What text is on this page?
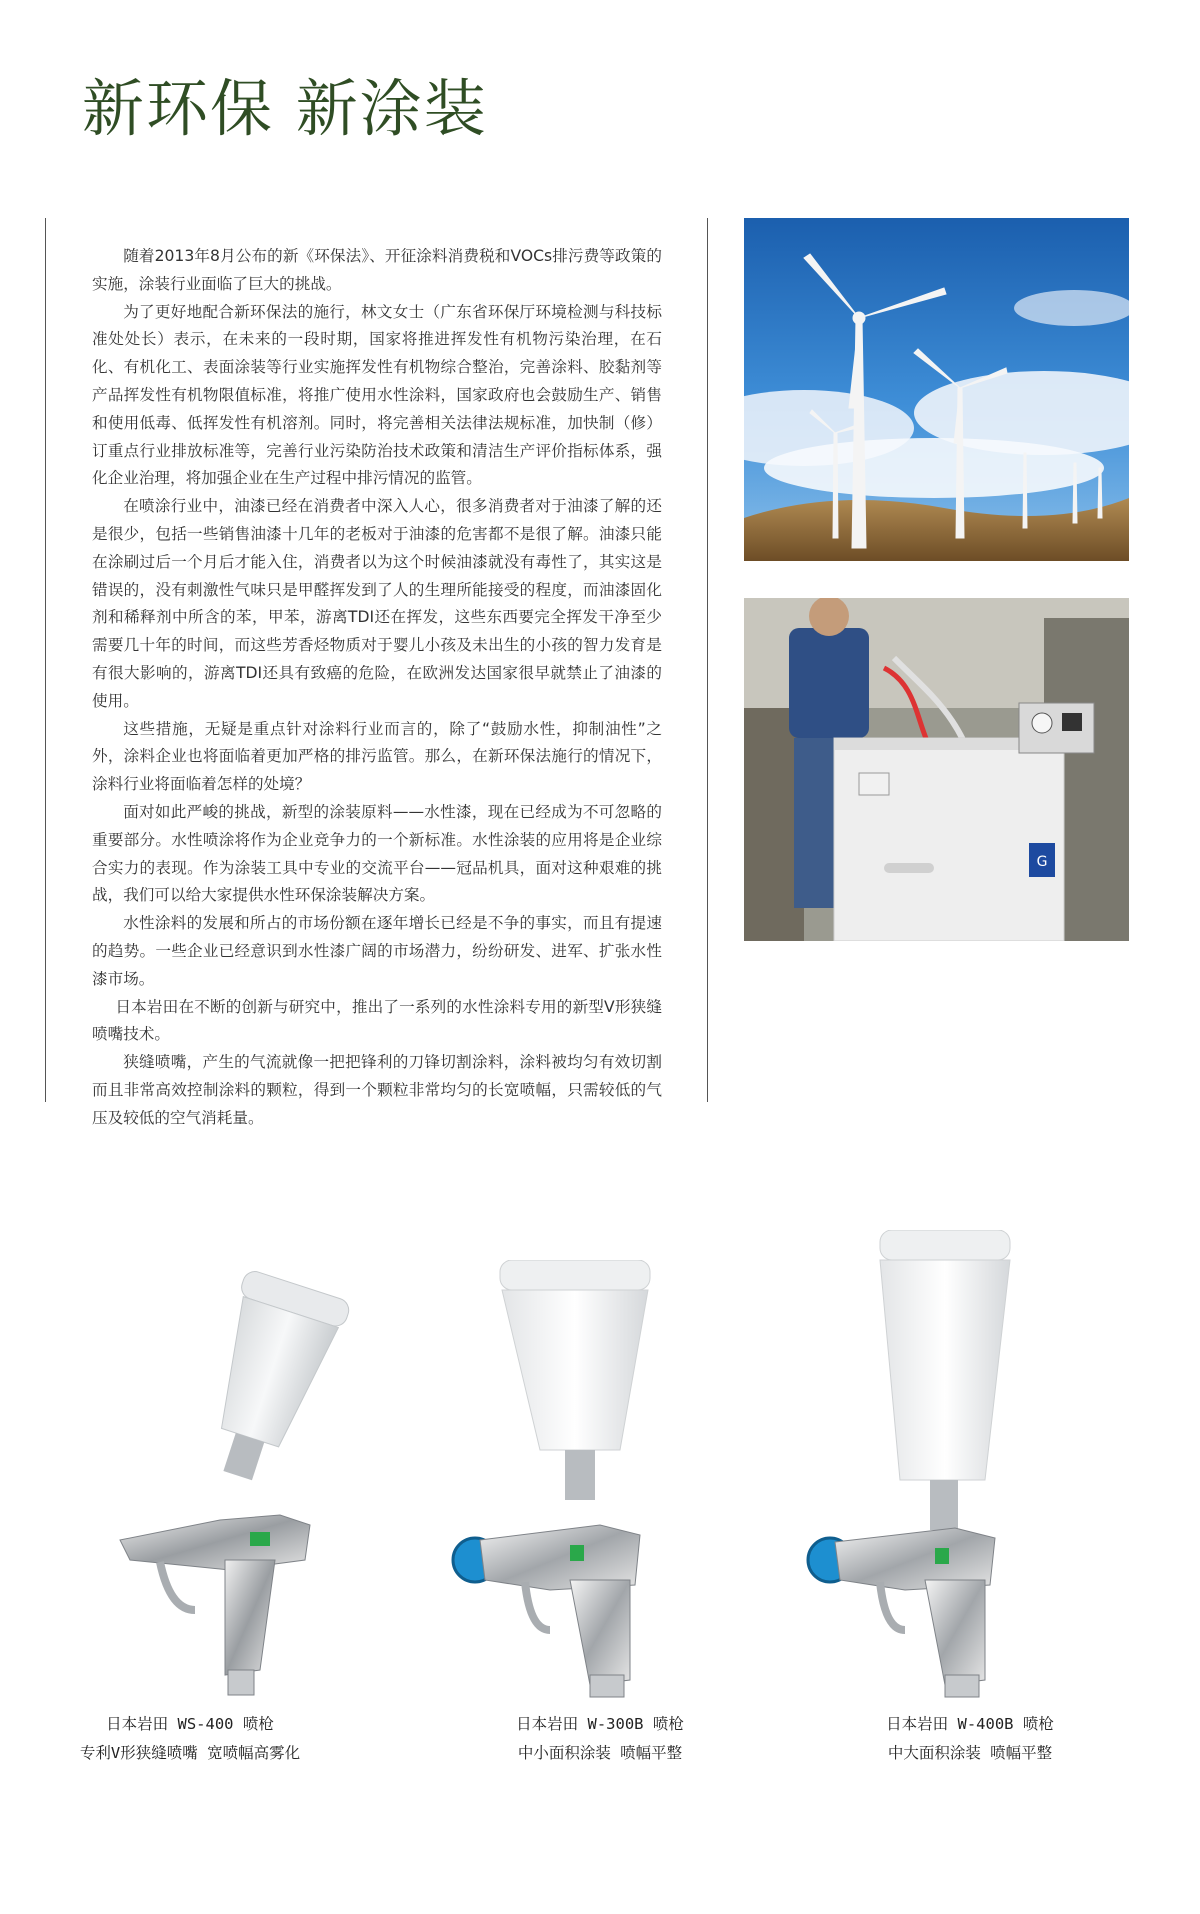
新环保 新涂装

随着2013年8月公布的新《环保法》、开征涂料消费税和VOCs排污费等政策的实施，涂装行业面临了巨大的挑战。

为了更好地配合新环保法的施行，林文女士（广东省环保厅环境检测与科技标准处处长）表示，在未来的一段时期，国家将推进挥发性有机物污染治理，在石化、有机化工、表面涂装等行业实施挥发性有机物综合整治，完善涂料、胶黏剂等产品挥发性有机物限值标准，将推广使用水性涂料，国家政府也会鼓励生产、销售和使用低毒、低挥发性有机溶剂。同时，将完善相关法律法规标准，加快制（修）订重点行业排放标准等，完善行业污染防治技术政策和清洁生产评价指标体系，强化企业治理，将加强企业在生产过程中排污情况的监管。

在喷涂行业中，油漆已经在消费者中深入人心，很多消费者对于油漆了解的还是很少，包括一些销售油漆十几年的老板对于油漆的危害都不是很了解。油漆只能在涂刷过后一个月后才能入住，消费者以为这个时候油漆就没有毒性了，其实这是错误的，没有刺激性气味只是甲醛挥发到了人的生理所能接受的程度，而油漆固化剂和稀释剂中所含的苯，甲苯，游离TDI还在挥发，这些东西要完全挥发干净至少需要几十年的时间，而这些芳香烃物质对于婴儿小孩及未出生的小孩的智力发育是有很大影响的，游离TDI还具有致癌的危险，在欧洲发达国家很早就禁止了油漆的使用。

这些措施，无疑是重点针对涂料行业而言的，除了“鼓励水性，抑制油性”之外，涂料企业也将面临着更加严格的排污监管。那么，在新环保法施行的情况下，涂料行业将面临着怎样的处境？

面对如此严峻的挑战，新型的涂装原料——水性漆，现在已经成为不可忽略的重要部分。水性喷涂将作为企业竞争力的一个新标准。水性涂装的应用将是企业综合实力的表现。作为涂装工具中专业的交流平台——冠品机具，面对这种艰难的挑战，我们可以给大家提供水性环保涂装解决方案。

水性涂料的发展和所占的市场份额在逐年增长已经是不争的事实，而且有提速的趋势。一些企业已经意识到水性漆广阔的市场潜力，纷纷研发、进军、扩张水性漆市场。

日本岩田在不断的创新与研究中，推出了一系列的水性涂料专用的新型V形狭缝喷嘴技术。

狭缝喷嘴，产生的气流就像一把把锋利的刀锋切割涂料，涂料被均匀有效切割而且非常高效控制涂料的颗粒，得到一个颗粒非常均匀的长宽喷幅，只需较低的气压及较低的空气消耗量。

G
日本岩田 WS-400 喷枪
专利V形狭缝喷嘴 宽喷幅高雾化
日本岩田 W-300B 喷枪
中小面积涂装 喷幅平整
日本岩田 W-400B 喷枪
中大面积涂装 喷幅平整
